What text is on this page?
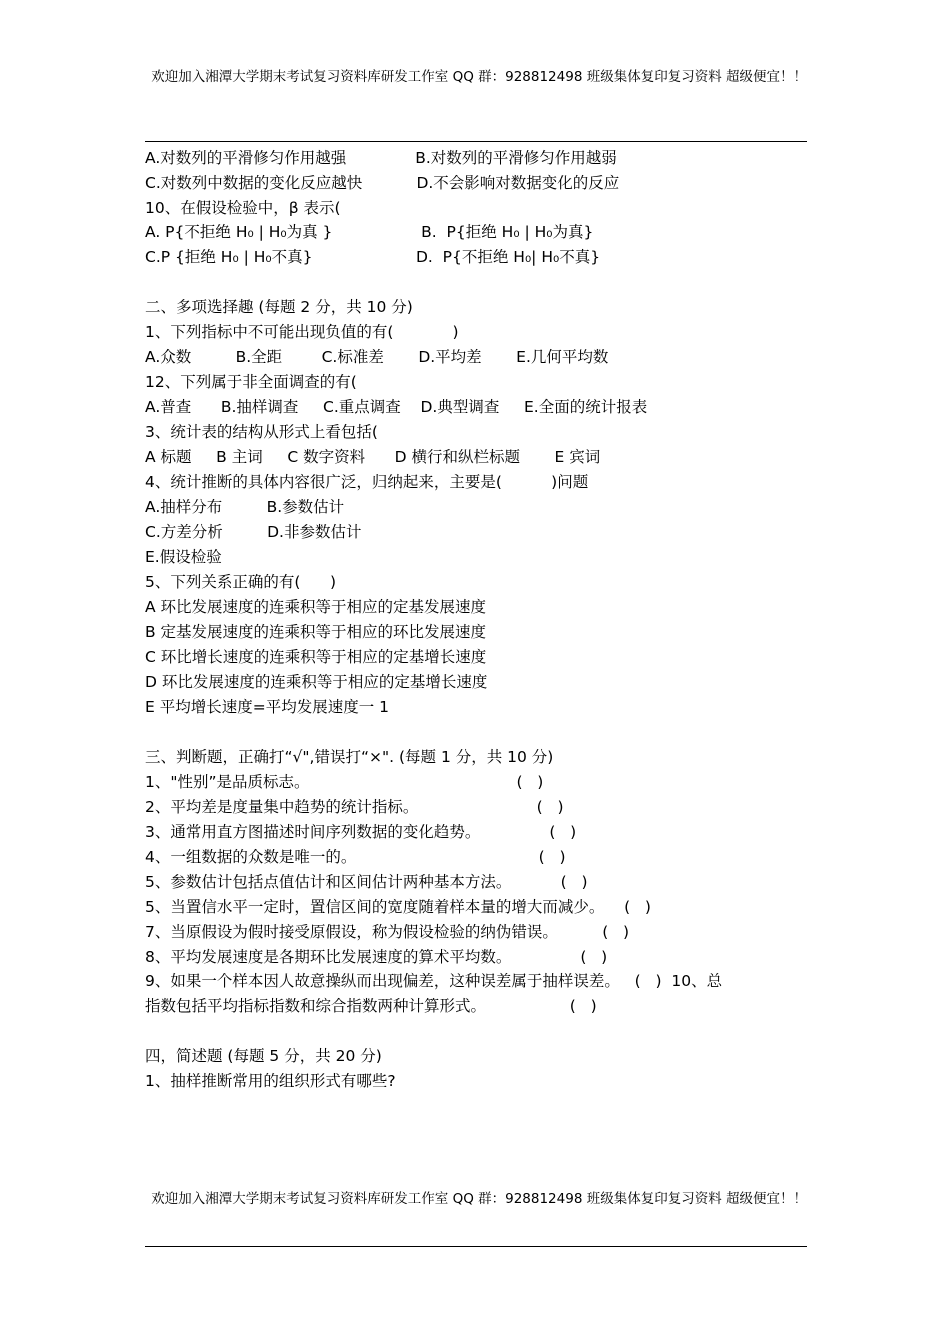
欢迎加入湘潭大学期末考试复习资料库研发工作室 QQ 群：928812498 班级集体复印复习资料 超级便宜！！
A.对数列的平滑修匀作用越强              B.对数列的平滑修匀作用越弱
C.对数列中数据的变化反应越快           D.不会影响对数据变化的反应
10、在假设检验中，β 表示(
A. P{不拒绝 H₀ | H₀为真 }                  B.  P{拒绝 H₀ | H₀为真}
C.P {拒绝 H₀ | H₀不真}                     D.  P{不拒绝 H₀| H₀不真}
二、多项选择趣 (每题 2 分，共 10 分)
1、下列指标中不可能出现负值的有(            )
A.众数         B.全距        C.标准差       D.平均差       E.几何平均数
12、下列属于非全面调查的有(
A.普查      B.抽样调查     C.重点调查    D.典型调查     E.全面的统计报表
3、统计表的结构从形式上看包括(
A 标题     B 主词     C 数字资料      D 横行和纵栏标题       E 宾词
4、统计推断的具体内容很广泛，归纳起来，主要是(          )问题
A.抽样分布         B.参数估计
C.方差分析         D.非参数估计
E.假设检验
5、下列关系正确的有(      )
A 环比发展速度的连乘积等于相应的定基发展速度
B 定基发展速度的连乘积等于相应的环比发展速度
C 环比增长速度的连乘积等于相应的定基增长速度
D 环比发展速度的连乘积等于相应的定基增长速度
E 平均增长速度=平均发展速度一 1
三、判断题，正确打“√",错误打“×". (每题 1 分，共 10 分)
1、"性别”是品质标志。                                          (   )
2、平均差是度量集中趋势的统计指标。                        (   )
3、通常用直方图描述时间序列数据的变化趋势。              (   )
4、一组数据的众数是唯一的。                                     (   )
5、参数估计包括点值估计和区间估计两种基本方法。          (   )
5、当置信水平一定时，置信区间的宽度随着样本量的增大而减少。    (   )
7、当原假设为假时接受原假设，称为假设检验的纳伪错误。         (   )
8、平均发展速度是各期环比发展速度的算术平均数。              (   )
9、如果一个样本因人故意操纵而出现偏差，这种误差属于抽样误差。   (   )  10、总
指数包括平均指标指数和综合指数两种计算形式。                 (   )
四，简述题 (每题 5 分，共 20 分)
1、抽样推断常用的组织形式有哪些?
欢迎加入湘潭大学期末考试复习资料库研发工作室 QQ 群：928812498 班级集体复印复习资料 超级便宜！！
